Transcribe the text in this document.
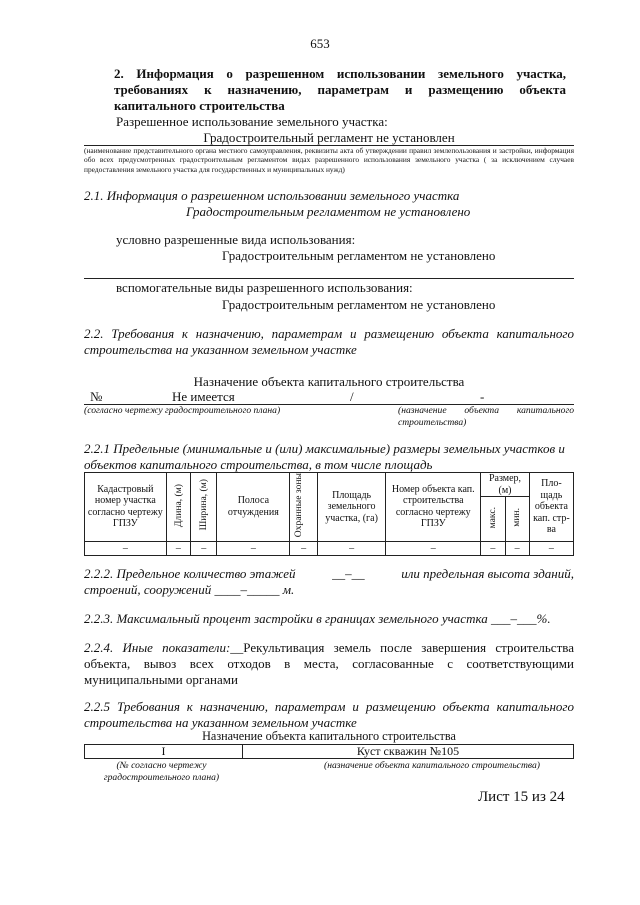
653
2. Информация о разрешенном использовании земельного участка, требованиях к назначению, параметрам и размещению объекта капитального строительства
Разрешенное использование земельного участка:
Градостроительный регламент не установлен
(наименование представительного органа местного самоуправления, реквизиты акта об утверждении правил землепользования и застройки, информация обо всех предусмотренных градостроительным регламентом видах разрешенного использования земельного участка ( за исключением случаев предоставления земельного участка для государственных и муниципальных нужд)
2.1. Информация о разрешенном использовании земельного участка
Градостроительным регламентом не установлено
условно разрешенные вида использования:
Градостроительным регламентом не установлено
вспомогательные виды разрешенного использования:
Градостроительным регламентом не установлено
2.2. Требования к назначению, параметрам и размещению объекта капитального строительства на указанном земельном участке
Назначение объекта капитального строительства
№	Не имеется	/	-
(согласно чертежу градостроительного плана)	(назначение объекта капитального строительства)
2.2.1 Предельные (минимальные и (или) максимальные) размеры земельных участков и объектов капитального строительства, в том числе площадь
Кадастровый номер участка согласно чертежу ГПЗУ	Длина, (м)	Ширина, (м)	Полоса отчуждения	Охранные зоны	Площадь земельного участка, (га)	Номер объекта кап. строительства согласно чертежу ГПЗУ	Размер, (м)		Пло-щадь объекта кап. стр-ва
							макс.	мин.	
–	–	–	–	–	–	–	–	–	–
2.2.2. Предельное количество этажей	__–__	или предельная высота зданий,
строений, сооружений ____–_____ м.
2.2.3. Максимальный процент застройки в границах земельного участка ___–___%.
2.2.4. Иные показатели:__Рекультивация земель после завершения строительства объекта, вывоз всех отходов в места, согласованные с соответствующими муниципальными органами
2.2.5 Требования к назначению, параметрам и размещению объекта капитального строительства на указанном земельном участке
Назначение объекта капитального строительства
I	Куст скважин №105
(№ согласно чертежу градостроительного плана)
(назначение объекта капитального строительства)
Лист 15 из 24
